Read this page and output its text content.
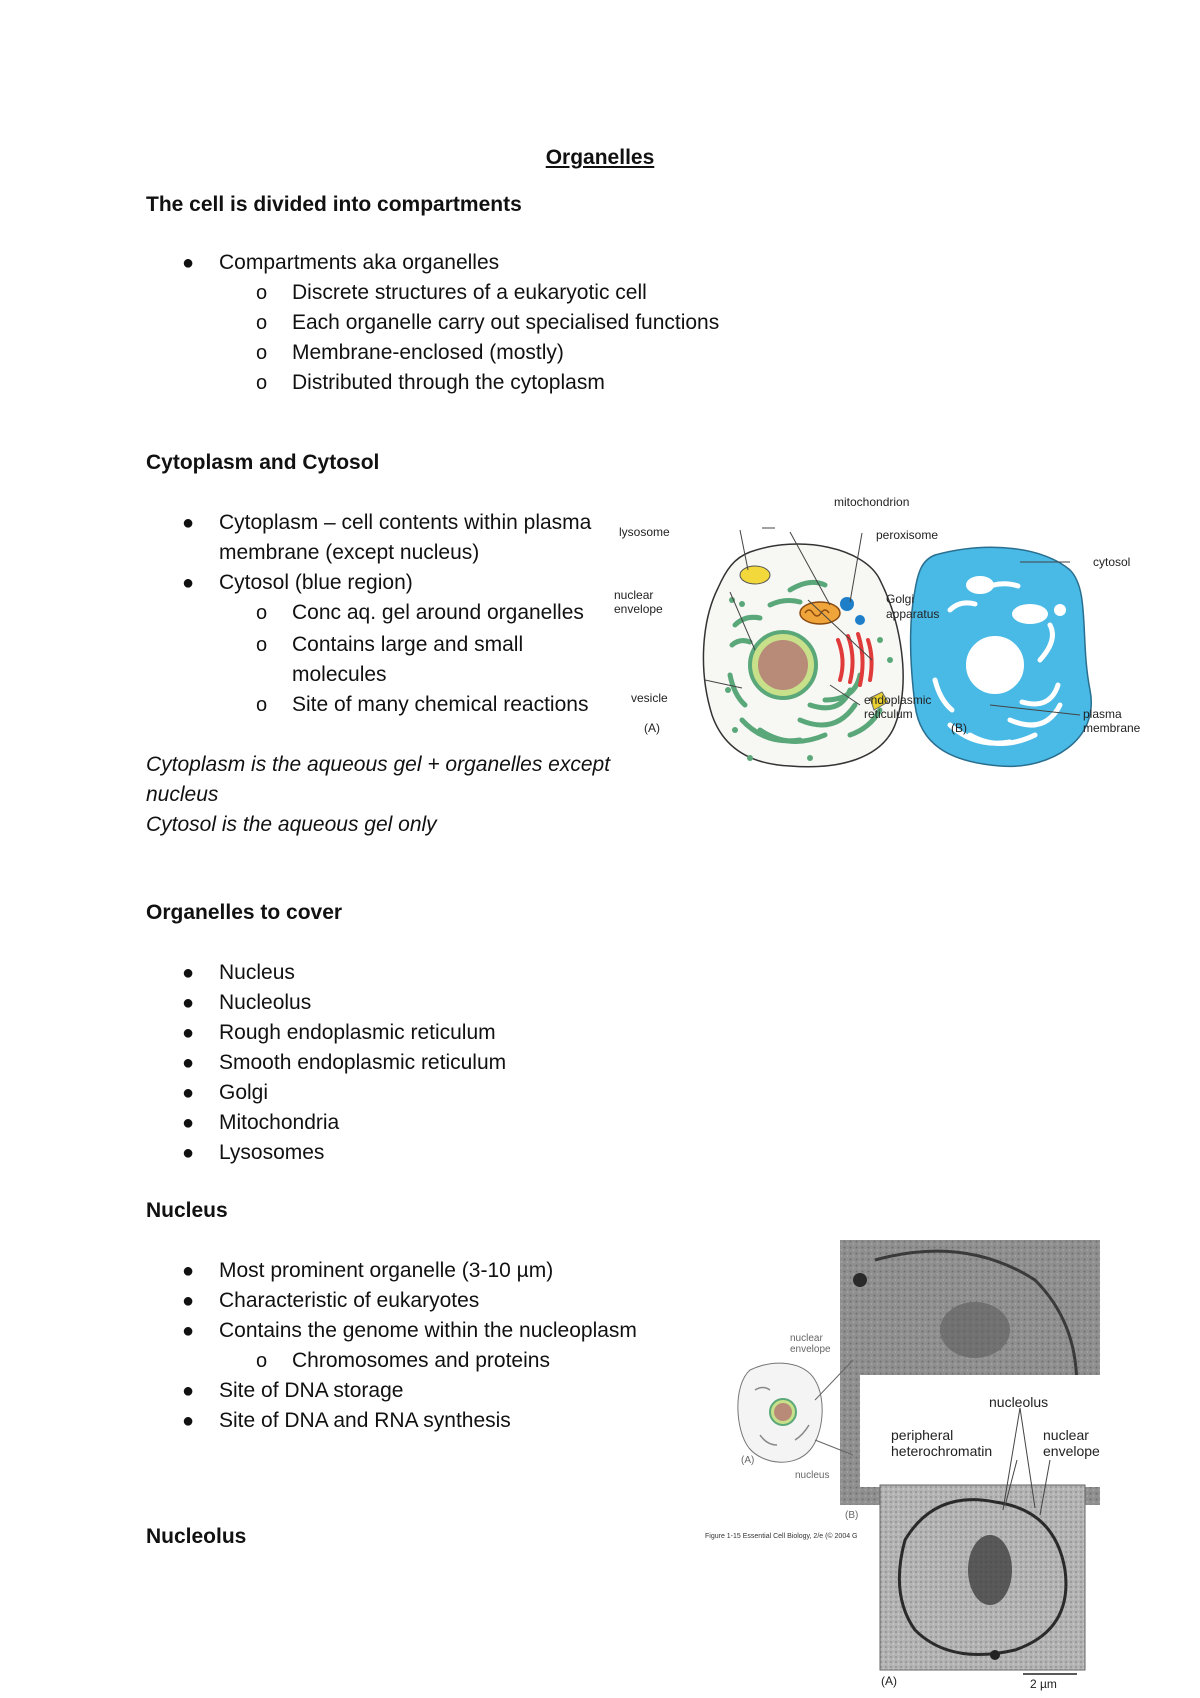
Organelles
The cell is divided into compartments
● Compartments aka organelles
o Discrete structures of a eukaryotic cell
o Each organelle carry out specialised functions
o Membrane-enclosed (mostly)
o Distributed through the cytoplasm
Cytoplasm and Cytosol
● Cytoplasm – cell contents within plasma
membrane (except nucleus)
● Cytosol (blue region)
o Conc aq. gel around organelles
o Contains large and small
molecules
o Site of many chemical reactions
Cytoplasm is the aqueous gel + organelles except
nucleus
Cytosol is the aqueous gel only
Organelles to cover
● Nucleus
● Nucleolus
● Rough endoplasmic reticulum
● Smooth endoplasmic reticulum
● Golgi
● Mitochondria
● Lysosomes
Nucleus
● Most prominent organelle (3-10 µm)
● Characteristic of eukaryotes
● Contains the genome within the nucleoplasm
o Chromosomes and proteins
● Site of DNA storage
● Site of DNA and RNA synthesis
Nucleolus
mitochondrion
lysosome	peroxisome
cytosol
nuclear
envelope
Golgi
apparatus
vesicle	endoplasmic
reticulum
(A)	(B)
plasma
membrane
nuclear
envelope
nucleus
(A)
(B)
Figure 1-15 Essential Cell Biology, 2/e (© 2004 G
nucleolus
peripheral
heterochromatin
nuclear
envelope
(A)	2 µm
